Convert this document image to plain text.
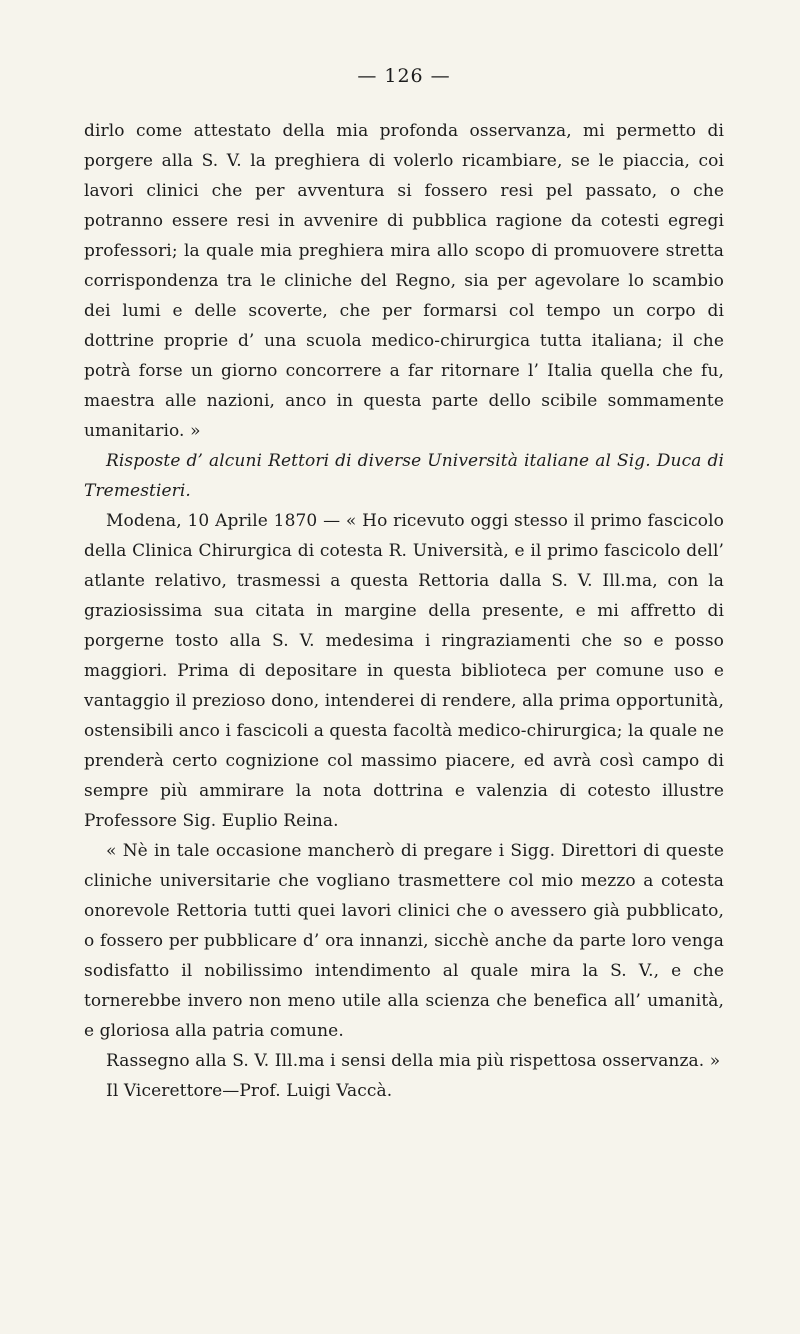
— 126 —

dirlo come attestato della mia profonda osservanza, mi permetto di porgere alla S. V. la preghiera di volerlo ricambiare, se le piaccia, coi lavori clinici che per avventura si fossero resi pel passato, o che potranno essere resi in avvenire di pubblica ragione da cotesti egregi professori; la quale mia preghiera mira allo scopo di promuovere stretta corrispondenza tra le cliniche del Regno, sia per agevolare lo scambio dei lumi e delle scoverte, che per formarsi col tempo un corpo di dottrine proprie d’ una scuola medico-chirurgica tutta italiana; il che potrà forse un giorno concorrere a far ritornare l’ Italia quella che fu, maestra alle nazioni, anco in questa parte dello scibile sommamente umanitario. »

Risposte d’ alcuni Rettori di diverse Università italiane al Sig. Duca di Tremestieri.

Modena, 10 Aprile 1870 — « Ho ricevuto oggi stesso il primo fascicolo della Clinica Chirurgica di cotesta R. Università, e il primo fascicolo dell’ atlante relativo, trasmessi a questa Rettoria dalla S. V. Ill.ma, con la graziosissima sua citata in margine della presente, e mi affretto di porgerne tosto alla S. V. medesima i ringraziamenti che so e posso maggiori. Prima di depositare in questa biblioteca per comune uso e vantaggio il prezioso dono, intenderei di rendere, alla prima opportunità, ostensibili anco i fascicoli a questa facoltà medico-chirurgica; la quale ne prenderà certo cognizione col massimo piacere, ed avrà così campo di sempre più ammirare la nota dottrina e valenzia di cotesto illustre Professore Sig. Euplio Reina.

« Nè in tale occasione mancherò di pregare i Sigg. Direttori di queste cliniche universitarie che vogliano trasmettere col mio mezzo a cotesta onorevole Rettoria tutti quei lavori clinici che o avessero già pubblicato, o fossero per pubblicare d’ ora innanzi, sicchè anche da parte loro venga sodisfatto il nobilissimo intendimento al quale mira la S. V., e che tornerebbe invero non meno utile alla scienza che benefica all’ umanità, e gloriosa alla patria comune.

Rassegno alla S. V. Ill.ma i sensi della mia più rispettosa osservanza. »

Il Vicerettore—Prof. Luigi Vaccà.
